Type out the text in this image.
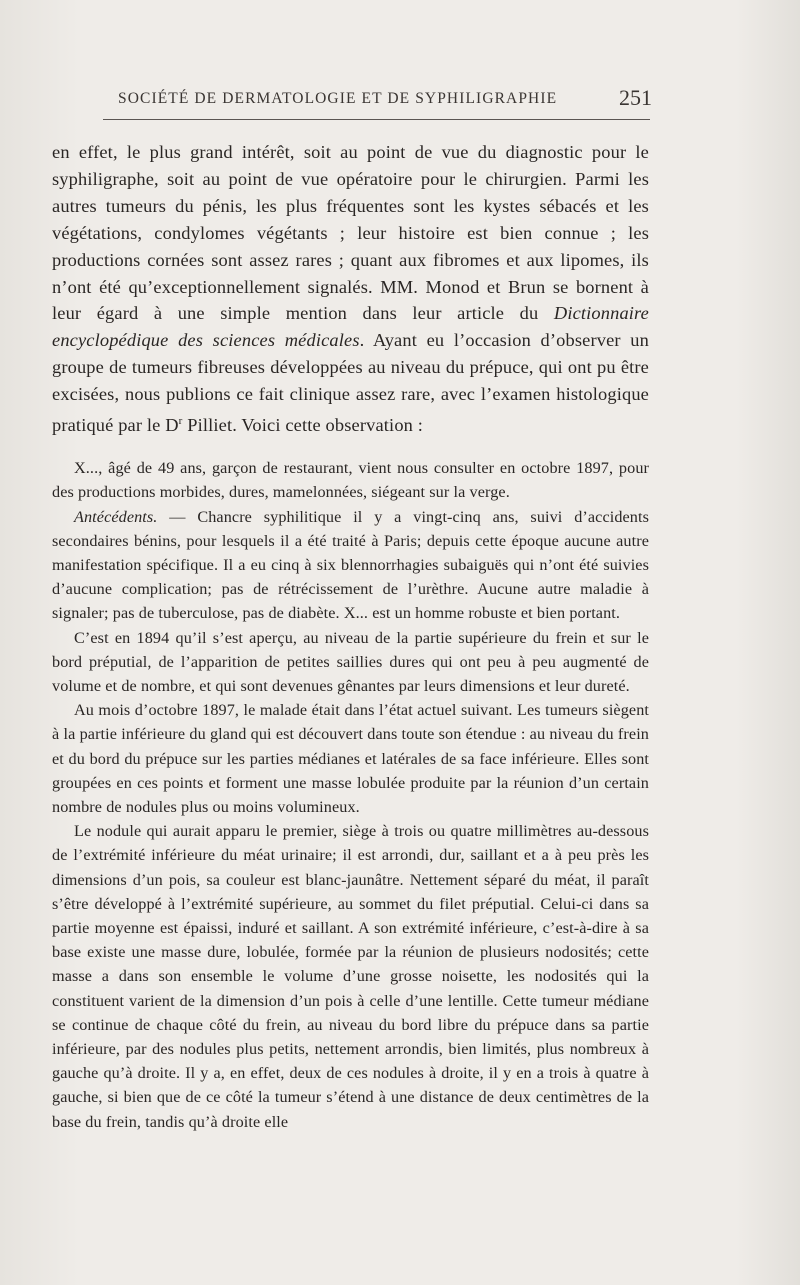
SOCIÉTÉ DE DERMATOLOGIE ET DE SYPHILIGRAPHIE	251

en effet, le plus grand intérêt, soit au point de vue du diagnostic pour le syphiligraphe, soit au point de vue opératoire pour le chirurgien. Parmi les autres tumeurs du pénis, les plus fréquentes sont les kystes sébacés et les végétations, condylomes végétants ; leur histoire est bien connue ; les productions cornées sont assez rares ; quant aux fibromes et aux lipomes, ils n’ont été qu’exceptionnellement signalés. MM. Monod et Brun se bornent à leur égard à une simple mention dans leur article du Dictionnaire encyclopédique des sciences médicales. Ayant eu l’occasion d’observer un groupe de tumeurs fibreuses développées au niveau du prépuce, qui ont pu être excisées, nous publions ce fait clinique assez rare, avec l’examen histologique pratiqué par le $D^r$ Pilliet. Voici cette observation :

X..., âgé de 49 ans, garçon de restaurant, vient nous consulter en octobre 1897, pour des productions morbides, dures, mamelonnées, siégeant sur la verge.

Antécédents. — Chancre syphilitique il y a vingt-cinq ans, suivi d’accidents secondaires bénins, pour lesquels il a été traité à Paris; depuis cette époque aucune autre manifestation spécifique. Il a eu cinq à six blennorrhagies subaiguës qui n’ont été suivies d’aucune complication; pas de rétrécissement de l’urèthre. Aucune autre maladie à signaler; pas de tuberculose, pas de diabète. X... est un homme robuste et bien portant.

C’est en 1894 qu’il s’est aperçu, au niveau de la partie supérieure du frein et sur le bord préputial, de l’apparition de petites saillies dures qui ont peu à peu augmenté de volume et de nombre, et qui sont devenues gênantes par leurs dimensions et leur dureté.

Au mois d’octobre 1897, le malade était dans l’état actuel suivant. Les tumeurs siègent à la partie inférieure du gland qui est découvert dans toute son étendue : au niveau du frein et du bord du prépuce sur les parties médianes et latérales de sa face inférieure. Elles sont groupées en ces points et forment une masse lobulée produite par la réunion d’un certain nombre de nodules plus ou moins volumineux.

Le nodule qui aurait apparu le premier, siège à trois ou quatre millimètres au-dessous de l’extrémité inférieure du méat urinaire; il est arrondi, dur, saillant et a à peu près les dimensions d’un pois, sa couleur est blanc-jaunâtre. Nettement séparé du méat, il paraît s’être développé à l’extrémité supérieure, au sommet du filet préputial. Celui-ci dans sa partie moyenne est épaissi, induré et saillant. A son extrémité inférieure, c’est-à-dire à sa base existe une masse dure, lobulée, formée par la réunion de plusieurs nodosités; cette masse a dans son ensemble le volume d’une grosse noisette, les nodosités qui la constituent varient de la dimension d’un pois à celle d’une lentille. Cette tumeur médiane se continue de chaque côté du frein, au niveau du bord libre du prépuce dans sa partie inférieure, par des nodules plus petits, nettement arrondis, bien limités, plus nombreux à gauche qu’à droite. Il y a, en effet, deux de ces nodules à droite, il y en a trois à quatre à gauche, si bien que de ce côté la tumeur s’étend à une distance de deux centimètres de la base du frein, tandis qu’à droite elle
